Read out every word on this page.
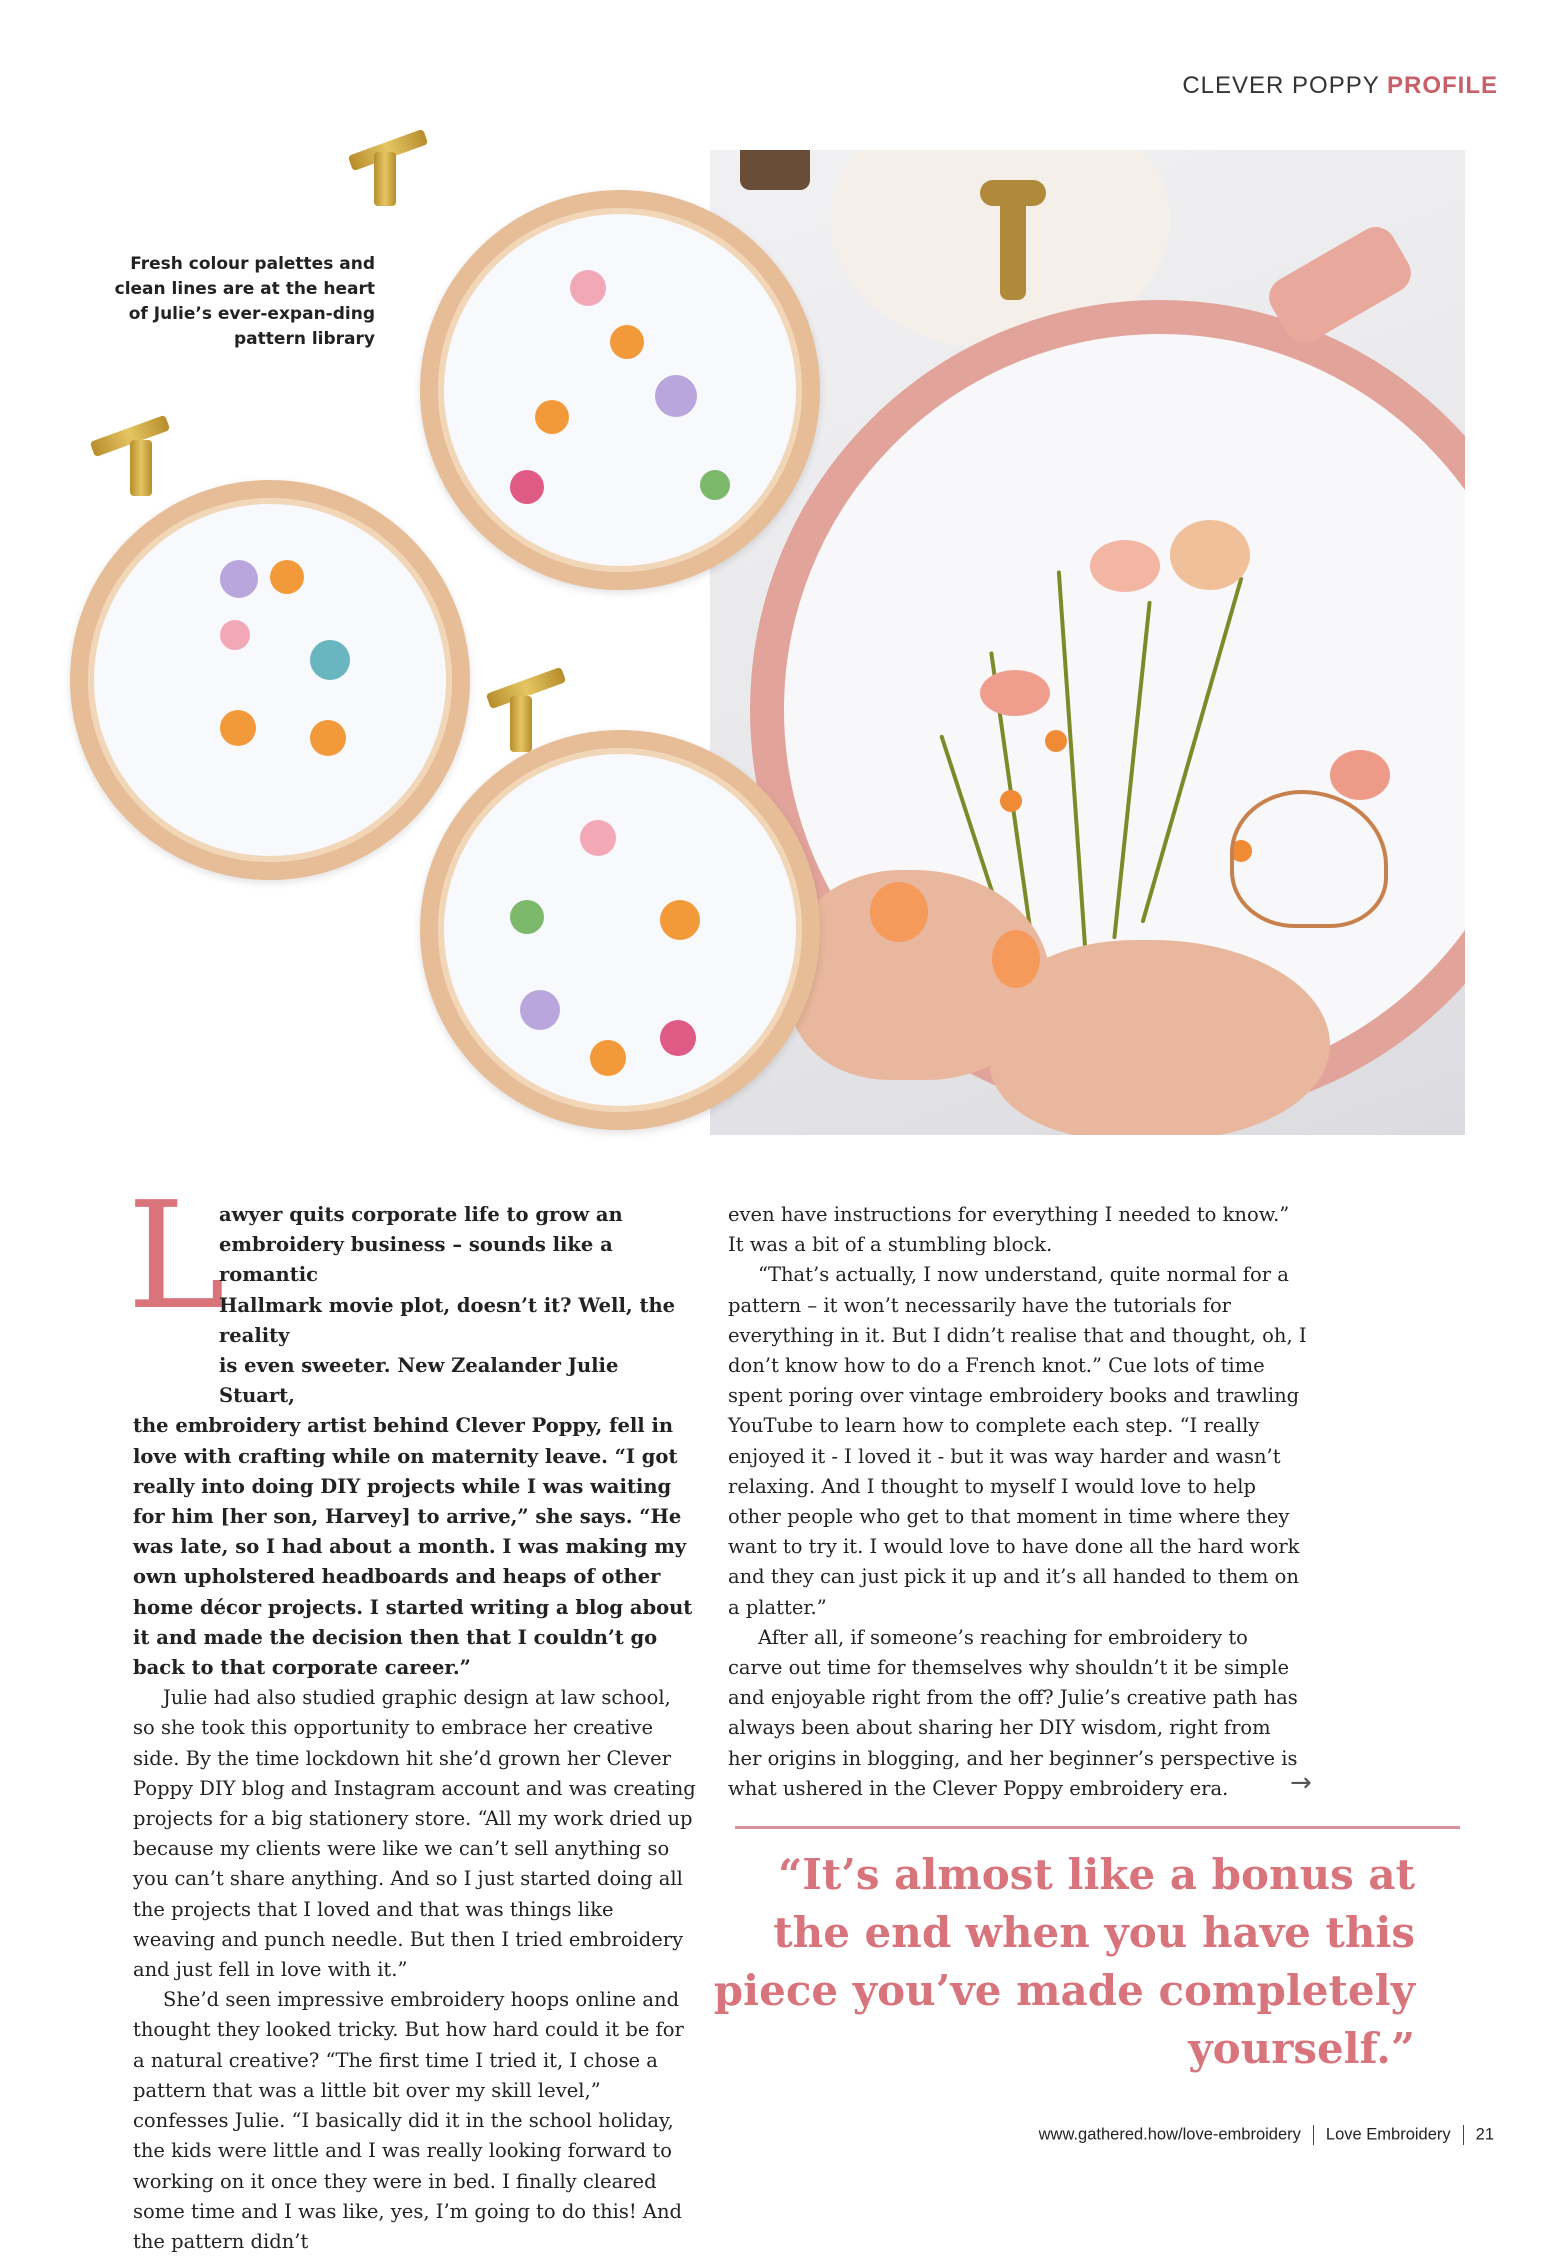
CLEVER POPPY PROFILE
Fresh colour palettes and clean lines are at the heart of Julie’s ever-expan-ding pattern library
L
awyer quits corporate life to grow an
embroidery business – sounds like a romantic
Hallmark movie plot, doesn’t it? Well, the reality
is even sweeter. New Zealander Julie Stuart,

the embroidery artist behind Clever Poppy, fell in love with crafting while on maternity leave. “I got really into doing DIY projects while I was waiting for him [her son, Harvey] to arrive,” she says. “He was late, so I had about a month. I was making my own upholstered headboards and heaps of other home décor projects. I started writing a blog about it and made the decision then that I couldn’t go back to that corporate career.”

Julie had also studied graphic design at law school, so she took this opportunity to embrace her creative side. By the time lockdown hit she’d grown her Clever Poppy DIY blog and Instagram account and was creating projects for a big stationery store. “All my work dried up because my clients were like we can’t sell anything so you can’t share anything. And so I just started doing all the projects that I loved and that was things like weaving and punch needle. But then I tried embroidery and just fell in love with it.”

She’d seen impressive embroidery hoops online and thought they looked tricky. But how hard could it be for a natural creative? “The first time I tried it, I chose a pattern that was a little bit over my skill level,” confesses Julie. “I basically did it in the school holiday, the kids were little and I was really looking forward to working on it once they were in bed. I finally cleared some time and I was like, yes, I’m going to do this! And the pattern didn’t

even have instructions for everything I needed to know.” It was a bit of a stumbling block.

“That’s actually, I now understand, quite normal for a pattern – it won’t necessarily have the tutorials for everything in it. But I didn’t realise that and thought, oh, I don’t know how to do a French knot.” Cue lots of time spent poring over vintage embroidery books and trawling YouTube to learn how to complete each step. “I really enjoyed it - I loved it - but it was way harder and wasn’t relaxing. And I thought to myself I would love to help other people who get to that moment in time where they want to try it. I would love to have done all the hard work and they can just pick it up and it’s all handed to them on a platter.”

After all, if someone’s reaching for embroidery to carve out time for themselves why shouldn’t it be simple and enjoyable right from the off? Julie’s creative path has always been about sharing her DIY wisdom, right from her origins in blogging, and her beginner’s perspective is what ushered in the Clever Poppy embroidery era.	→
“It’s almost like a bonus at the end when you have this piece you’ve made completely yourself.”
www.gathered.how/love-embroidery Love Embroidery 21
